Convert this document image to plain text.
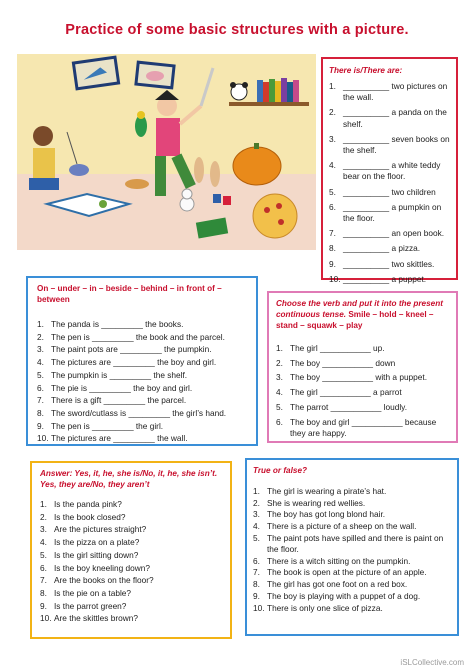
Practice of some basic structures with a picture.
There is/There are:
1. __________ two pictures on the wall.
2. __________ a panda on the shelf.
3. __________ seven books on the shelf.
4. __________ a white teddy bear on the floor.
5. __________ two children
6. __________ a pumpkin on the floor.
7. __________ an open book.
8. __________ a pizza.
9. __________ two skittles.
10. __________ a puppet.
On – under – in – beside – behind – in front of – between
1. The panda is _________ the books.
2. The pen is _________ the book and the parcel.
3. The paint pots are _________ the pumpkin.
4. The pictures are _________ the boy and girl.
5. The pumpkin is _________ the shelf.
6. The pie is _________ the boy and girl.
7. There is a gift _________ the parcel.
8. The sword/cutlass is _________ the girl’s hand.
9. The pen is _________ the girl.
10. The pictures are _________ the wall.
Choose the verb and put it into the present continuous tense. Smile – hold – kneel – stand – squawk – play
1. The girl ___________ up.
2. The boy ___________ down
3. The boy ___________ with a puppet.
4. The girl ___________ a parrot
5. The parrot ___________ loudly.
6. The boy and girl ___________ because they are happy.
Answer: Yes, it, he, she is/No, it, he, she isn’t. Yes, they are/No, they aren’t
1. Is the panda pink?
2. Is the book closed?
3. Are the pictures straight?
4. Is the pizza on a plate?
5. Is the girl sitting down?
6. Is the boy kneeling down?
7. Are the books on the floor?
8. Is the pie on a table?
9. Is the parrot green?
10. Are the skittles brown?
True or false?
1. The girl is wearing a pirate’s hat.
2. She is wearing red wellies.
3. The boy has got long blond hair.
4. There is a picture of a sheep on the wall.
5. The paint pots have spilled and there is paint on the floor.
6. There is a witch sitting on the pumpkin.
7. The book is open at the picture of an apple.
8. The girl has got one foot on a red box.
9. The boy is playing with a puppet of a dog.
10. There is only one slice of pizza.
iSLCollective.com
